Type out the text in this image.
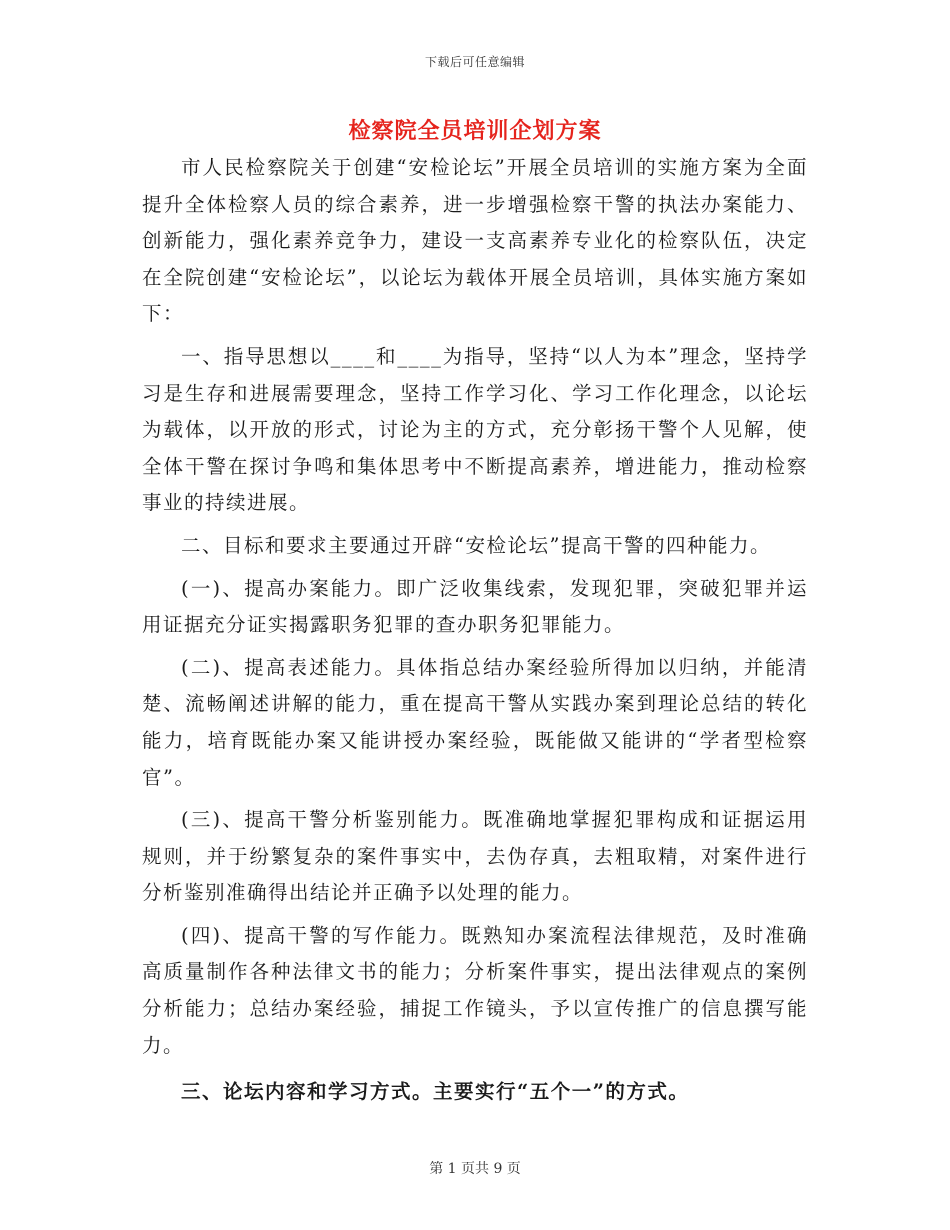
下载后可任意编辑
检察院全员培训企划方案

市人民检察院关于创建“安检论坛”开展全员培训的实施方案为全面提升全体检察人员的综合素养，进一步增强检察干警的执法办案能力、创新能力，强化素养竞争力，建设一支高素养专业化的检察队伍，决定在全院创建“安检论坛”，以论坛为载体开展全员培训，具体实施方案如下：

一、指导思想以____和____为指导，坚持“以人为本”理念，坚持学习是生存和进展需要理念，坚持工作学习化、学习工作化理念，以论坛为载体，以开放的形式，讨论为主的方式，充分彰扬干警个人见解，使全体干警在探讨争鸣和集体思考中不断提高素养，增进能力，推动检察事业的持续进展。

二、目标和要求主要通过开辟“安检论坛”提高干警的四种能力。

(一)、提高办案能力。即广泛收集线索，发现犯罪，突破犯罪并运用证据充分证实揭露职务犯罪的查办职务犯罪能力。

(二)、提高表述能力。具体指总结办案经验所得加以归纳，并能清楚、流畅阐述讲解的能力，重在提高干警从实践办案到理论总结的转化能力，培育既能办案又能讲授办案经验，既能做又能讲的“学者型检察官”。

(三)、提高干警分析鉴别能力。既准确地掌握犯罪构成和证据运用规则，并于纷繁复杂的案件事实中，去伪存真，去粗取精，对案件进行分析鉴别准确得出结论并正确予以处理的能力。

(四)、提高干警的写作能力。既熟知办案流程法律规范，及时准确高质量制作各种法律文书的能力；分析案件事实，提出法律观点的案例分析能力；总结办案经验，捕捉工作镜头，予以宣传推广的信息撰写能力。

三、论坛内容和学习方式。主要实行“五个一”的方式。

第 1 页共 9 页
